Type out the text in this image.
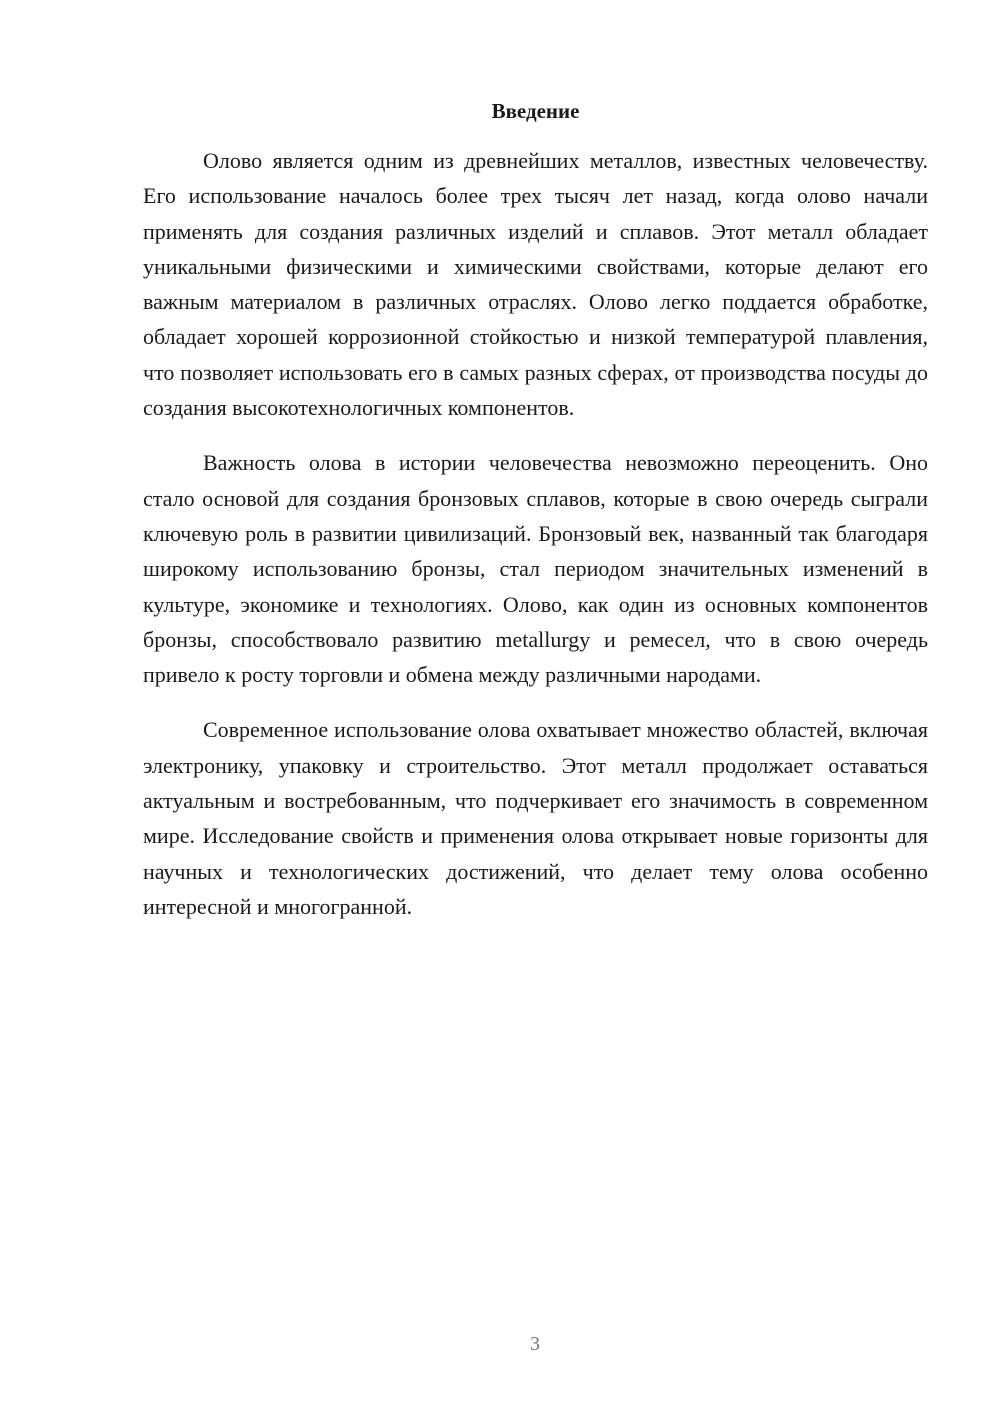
Введение

Олово является одним из древнейших металлов, известных человечеству. Его использование началось более трех тысяч лет назад, когда олово начали применять для создания различных изделий и сплавов. Этот металл обладает уникальными физическими и химическими свойствами, которые делают его важным материалом в различных отраслях. Олово легко поддается обработке, обладает хорошей коррозионной стойкостью и низкой температурой плавления, что позволяет использовать его в самых разных сферах, от производства посуды до создания высокотехнологичных компонентов.

Важность олова в истории человечества невозможно переоценить. Оно стало основой для создания бронзовых сплавов, которые в свою очередь сыграли ключевую роль в развитии цивилизаций. Бронзовый век, названный так благодаря широкому использованию бронзы, стал периодом значительных изменений в культуре, экономике и технологиях. Олово, как один из основных компонентов бронзы, способствовало развитию metallurgy и ремесел, что в свою очередь привело к росту торговли и обмена между различными народами.

Современное использование олова охватывает множество областей, включая электронику, упаковку и строительство. Этот металл продолжает оставаться актуальным и востребованным, что подчеркивает его значимость в современном мире. Исследование свойств и применения олова открывает новые горизонты для научных и технологических достижений, что делает тему олова особенно интересной и многогранной.

3
